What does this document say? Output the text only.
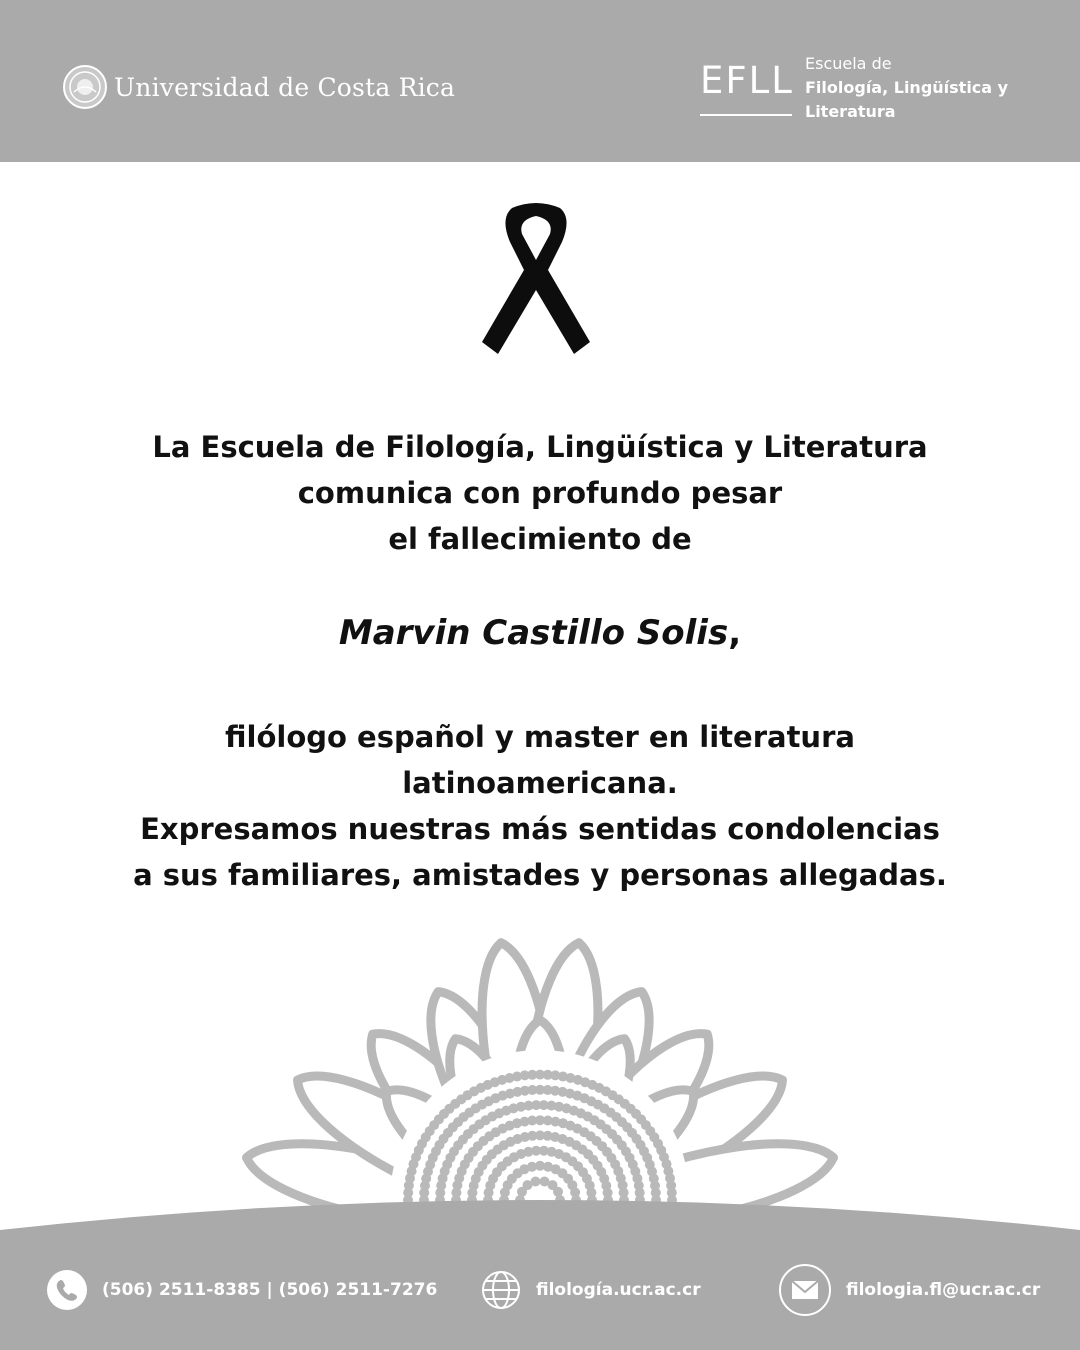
Universidad de Costa Rica	EFLL Escuela de
Filología, Lingüística y
Literatura
La Escuela de Filología, Lingüística y Literatura
comunica con profundo pesar
el fallecimiento de
Marvin Castillo Solis,
filólogo español y master en literatura
latinoamericana.
Expresamos nuestras más sentidas condolencias
a sus familiares, amistades y personas allegadas.
(506) 2511-8385 | (506) 2511-7276	filología.ucr.ac.cr	filologia.fl@ucr.ac.cr
